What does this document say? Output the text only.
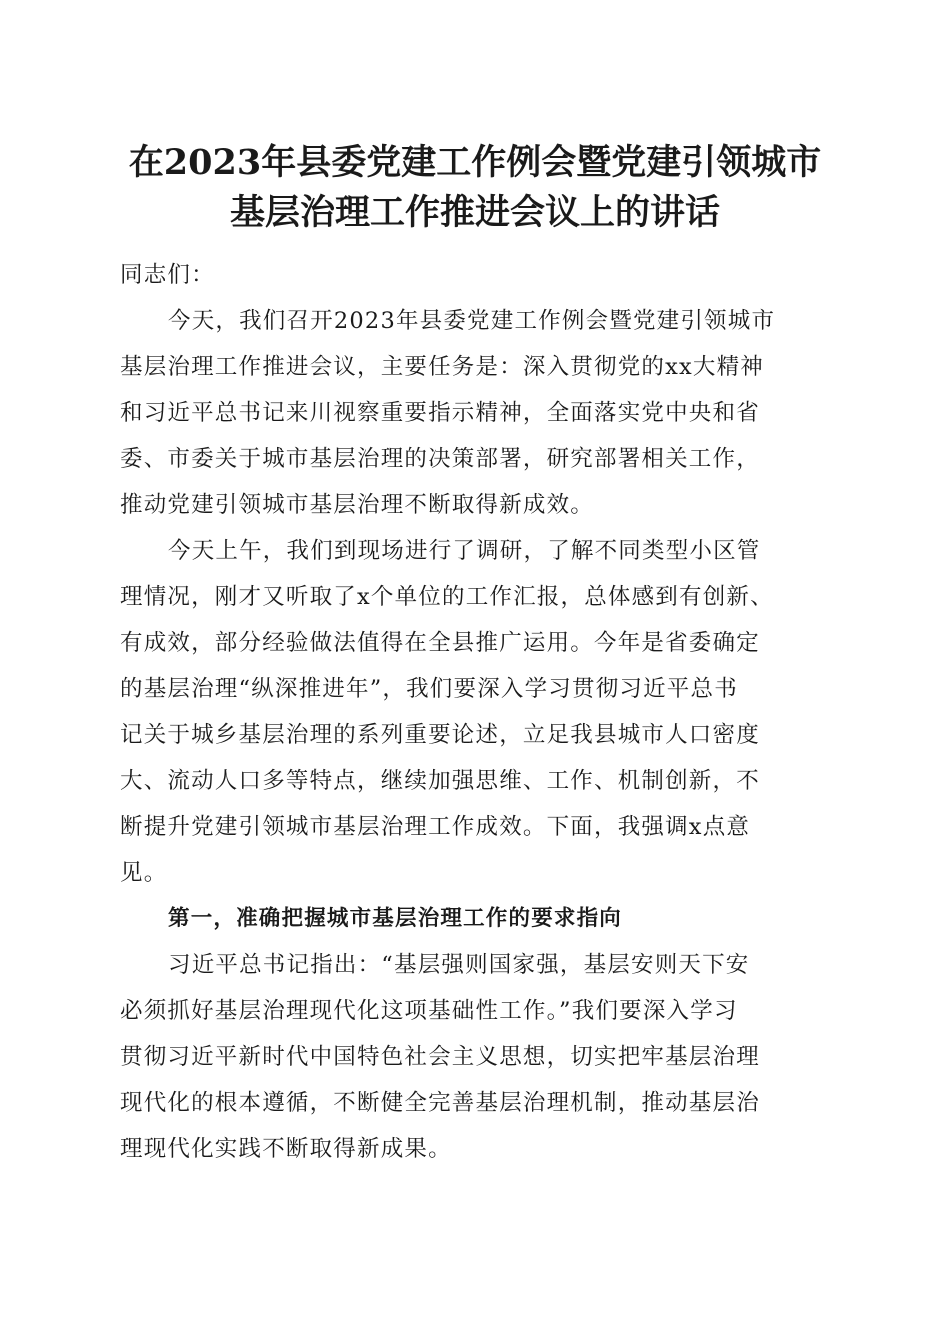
在2023年县委党建工作例会暨党建引领城市
基层治理工作推进会议上的讲话
同志们：
今天，我们召开2023年县委党建工作例会暨党建引领城市
基层治理工作推进会议，主要任务是：深入贯彻党的xx大精神
和习近平总书记来川视察重要指示精神，全面落实党中央和省
委、市委关于城市基层治理的决策部署，研究部署相关工作，
推动党建引领城市基层治理不断取得新成效。
今天上午，我们到现场进行了调研，了解不同类型小区管
理情况，刚才又听取了x个单位的工作汇报，总体感到有创新、
有成效，部分经验做法值得在全县推广运用。今年是省委确定
的基层治理“纵深推进年”，我们要深入学习贯彻习近平总书
记关于城乡基层治理的系列重要论述，立足我县城市人口密度
大、流动人口多等特点，继续加强思维、工作、机制创新，不
断提升党建引领城市基层治理工作成效。下面，我强调x点意
见。
第一，准确把握城市基层治理工作的要求指向
习近平总书记指出：“基层强则国家强，基层安则天下安
必须抓好基层治理现代化这项基础性工作。”我们要深入学习
贯彻习近平新时代中国特色社会主义思想，切实把牢基层治理
现代化的根本遵循，不断健全完善基层治理机制，推动基层治
理现代化实践不断取得新成果。
